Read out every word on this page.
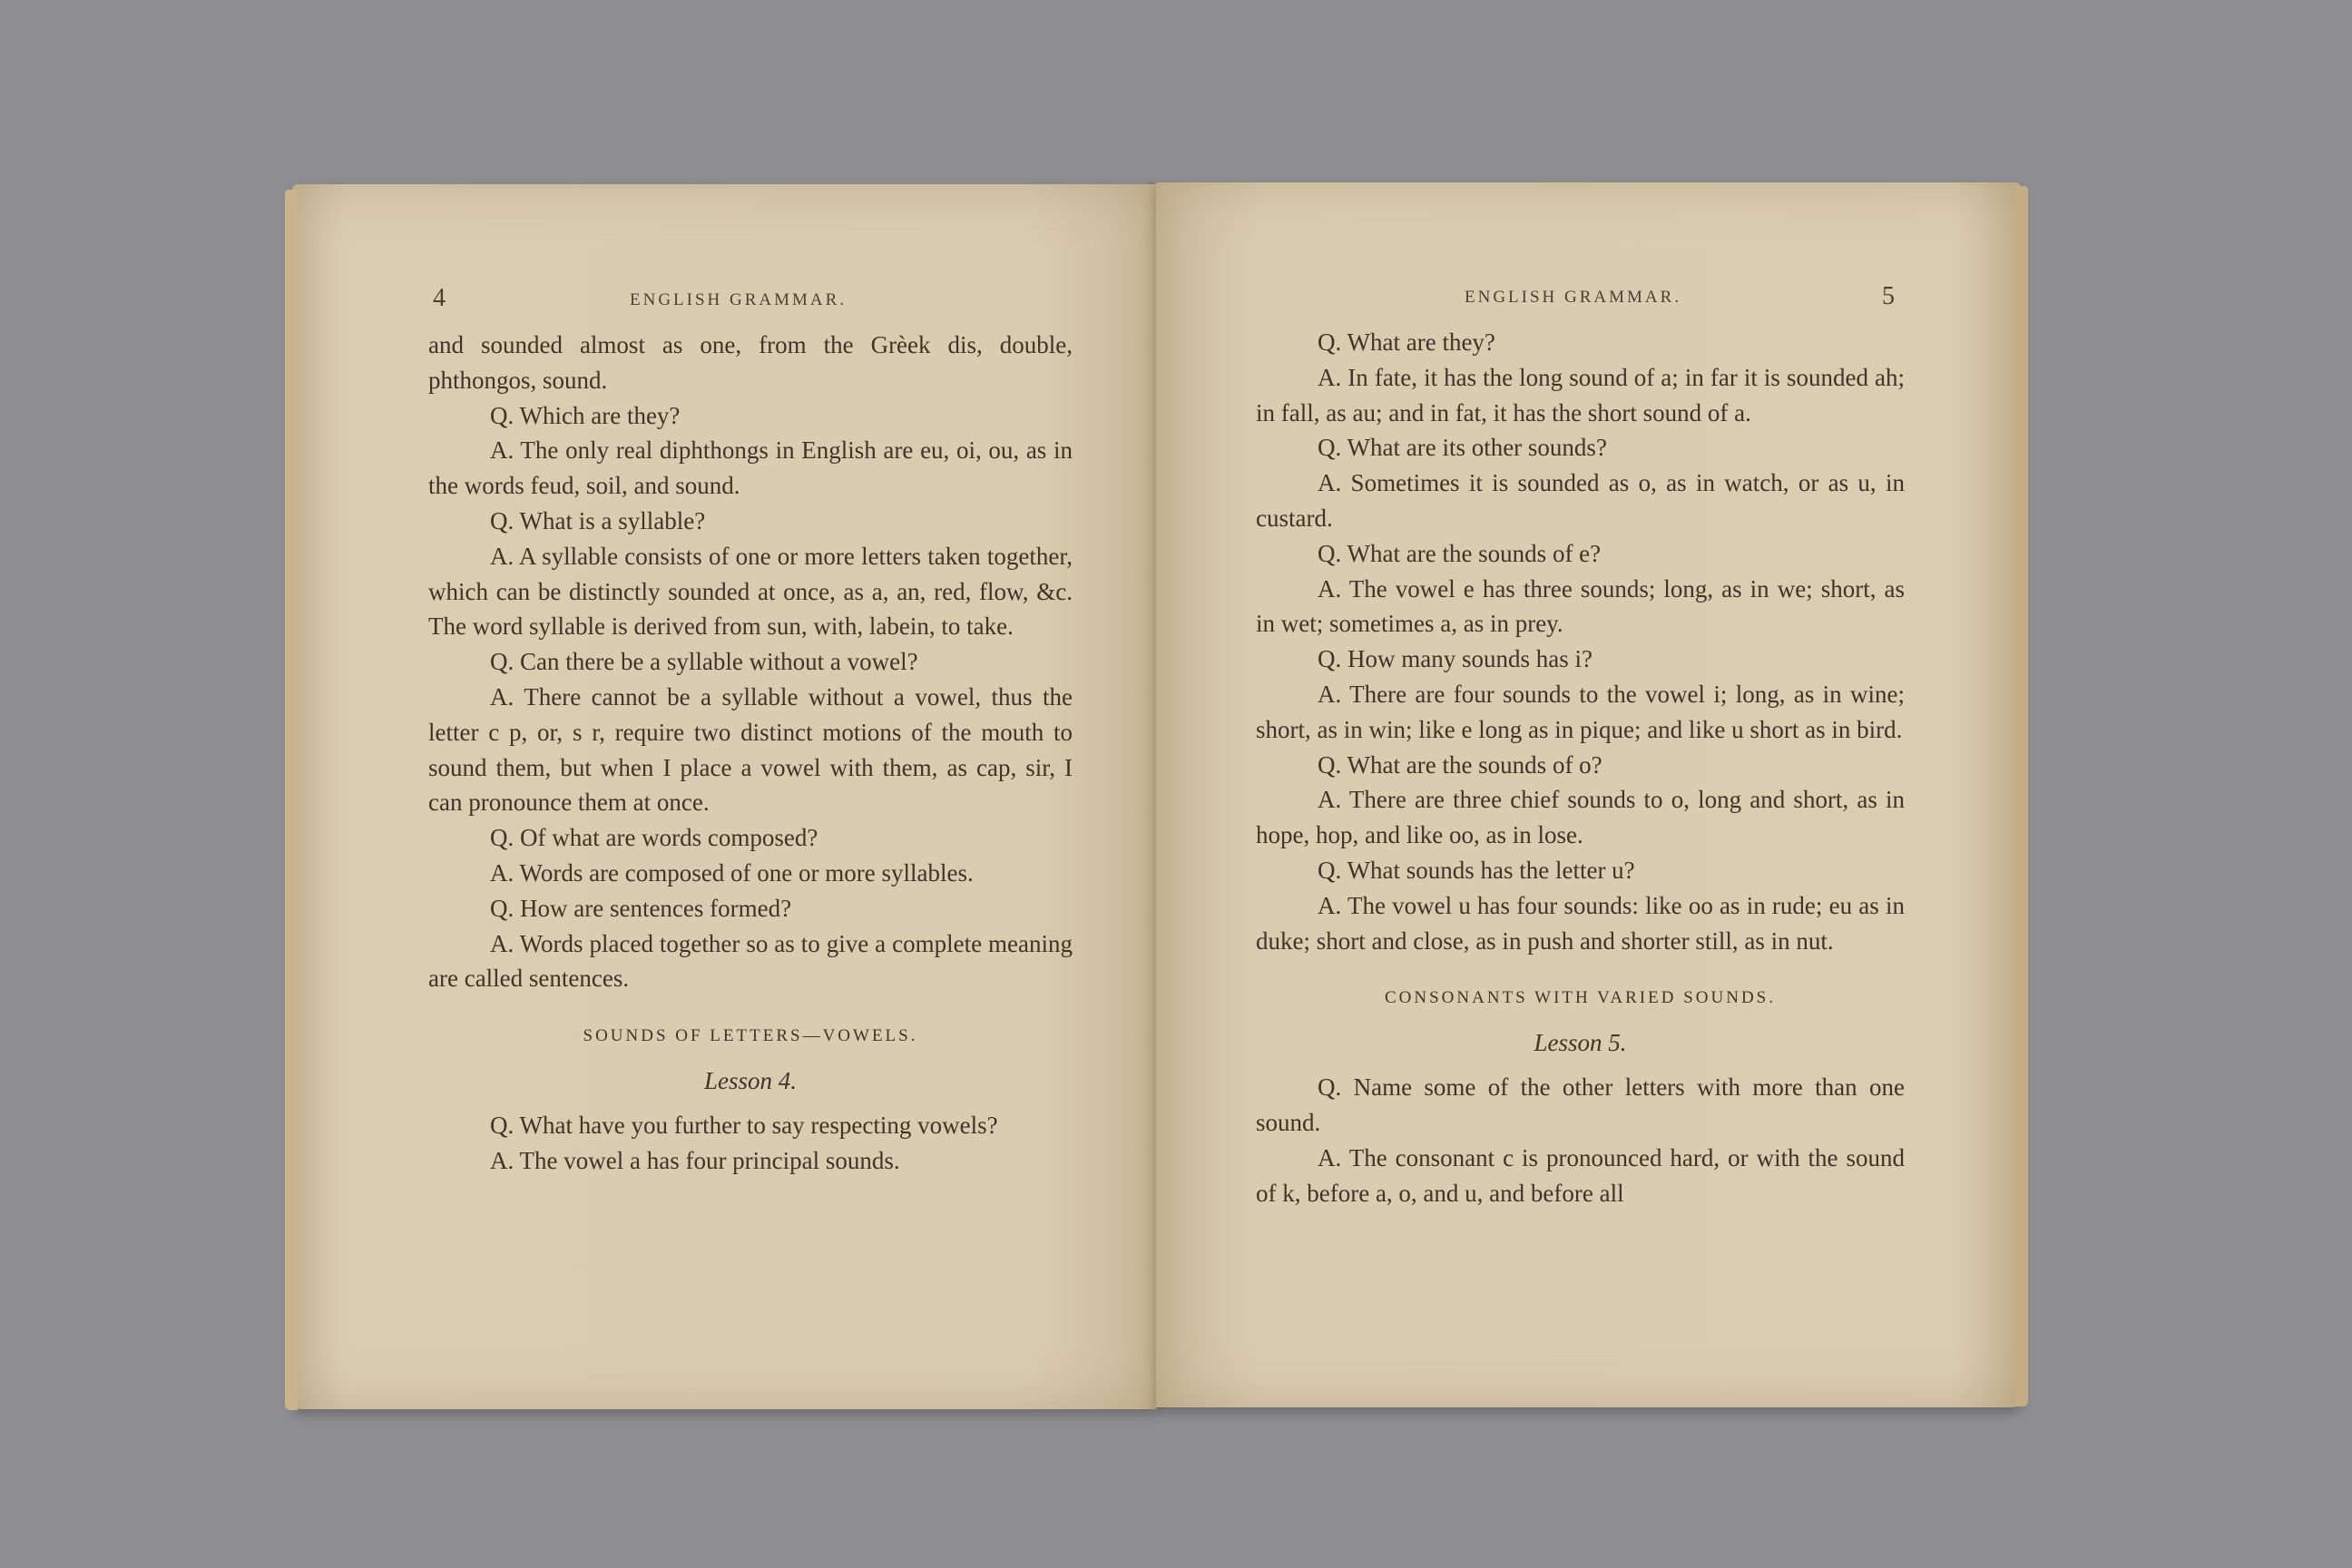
4	ENGLISH GRAMMAR.

and sounded almost as one, from the Grèek dis, double, phthongos, sound.

Q. Which are they?

A. The only real diphthongs in English are eu, oi, ou, as in the words feud, soil, and sound.

Q. What is a syllable?

A. A syllable consists of one or more letters taken together, which can be distinctly sounded at once, as a, an, red, flow, &c. The word syllable is derived from sun, with, labein, to take.

Q. Can there be a syllable without a vowel?

A. There cannot be a syllable without a vowel, thus the letter c p, or, s r, require two distinct motions of the mouth to sound them, but when I place a vowel with them, as cap, sir, I can pronounce them at once.

Q. Of what are words composed?

A. Words are composed of one or more syllables.

Q. How are sentences formed?

A. Words placed together so as to give a complete meaning are called sentences.

SOUNDS OF LETTERS—VOWELS.

Lesson 4.

Q. What have you further to say respecting vowels?

A. The vowel a has four principal sounds.

ENGLISH GRAMMAR.	5

Q. What are they?

A. In fate, it has the long sound of a; in far it is sounded ah; in fall, as au; and in fat, it has the short sound of a.

Q. What are its other sounds?

A. Sometimes it is sounded as o, as in watch, or as u, in custard.

Q. What are the sounds of e?

A. The vowel e has three sounds; long, as in we; short, as in wet; sometimes a, as in prey.

Q. How many sounds has i?

A. There are four sounds to the vowel i; long, as in wine; short, as in win; like e long as in pique; and like u short as in bird.

Q. What are the sounds of o?

A. There are three chief sounds to o, long and short, as in hope, hop, and like oo, as in lose.

Q. What sounds has the letter u?

A. The vowel u has four sounds: like oo as in rude; eu as in duke; short and close, as in push and shorter still, as in nut.

CONSONANTS WITH VARIED SOUNDS.

Lesson 5.

Q. Name some of the other letters with more than one sound.

A. The consonant c is pronounced hard, or with the sound of k, before a, o, and u, and before all
